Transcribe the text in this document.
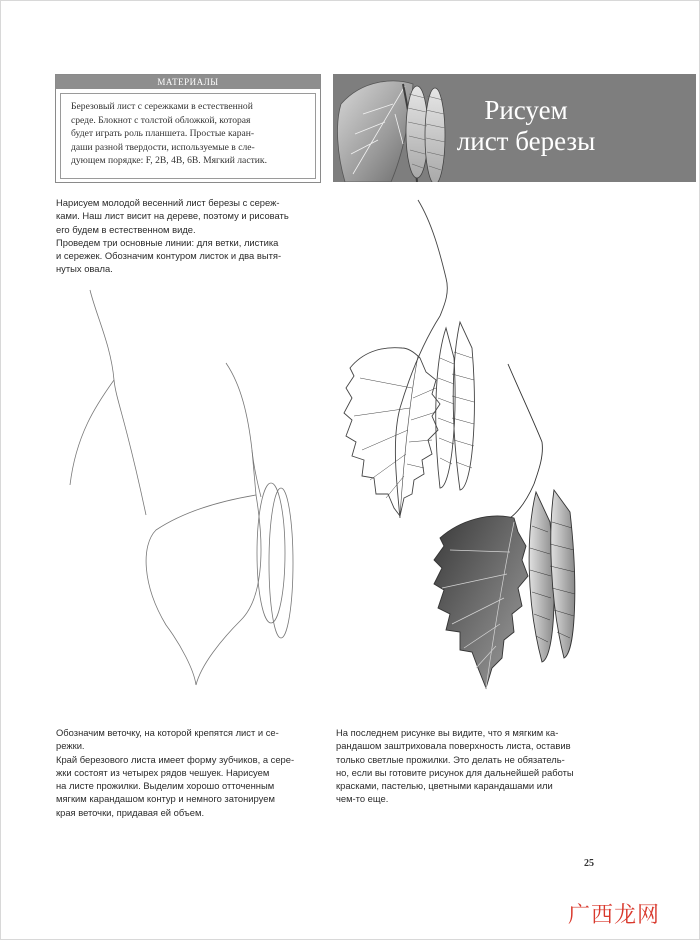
МАТЕРИАЛЫ
Березовый лист с сережками в естественной
среде. Блокнот с толстой обложкой, которая
будет играть роль планшета. Простые каран-
даши разной твердости, используемые в сле-
дующем порядке: F, 2B, 4B, 6B. Мягкий ластик.
Рисуем
лист березы

Нарисуем молодой весенний лист березы с сереж-

ками. Наш лист висит на дереве, поэтому и рисовать

его будем в естественном виде.

Проведем три основные линии: для ветки, листика

и сережек. Обозначим контуром листок и два вытя-

нутых овала.

Обозначим веточку, на которой крепятся лист и се-

режки.

Край березового листа имеет форму зубчиков, а сере-

жки состоят из четырех рядов чешуек. Нарисуем

на листе прожилки. Выделим хорошо отточенным

мягким карандашом контур и немного затонируем

края веточки, придавая ей объем.

На последнем рисунке вы видите, что я мягким ка-

рандашом заштриховала поверхность листа, оставив

только светлые прожилки. Это делать не обязатель-

но, если вы готовите рисунок для дальнейшей работы

красками, пастелью, цветными карандашами или

чем-то еще.

25
广西龙网
